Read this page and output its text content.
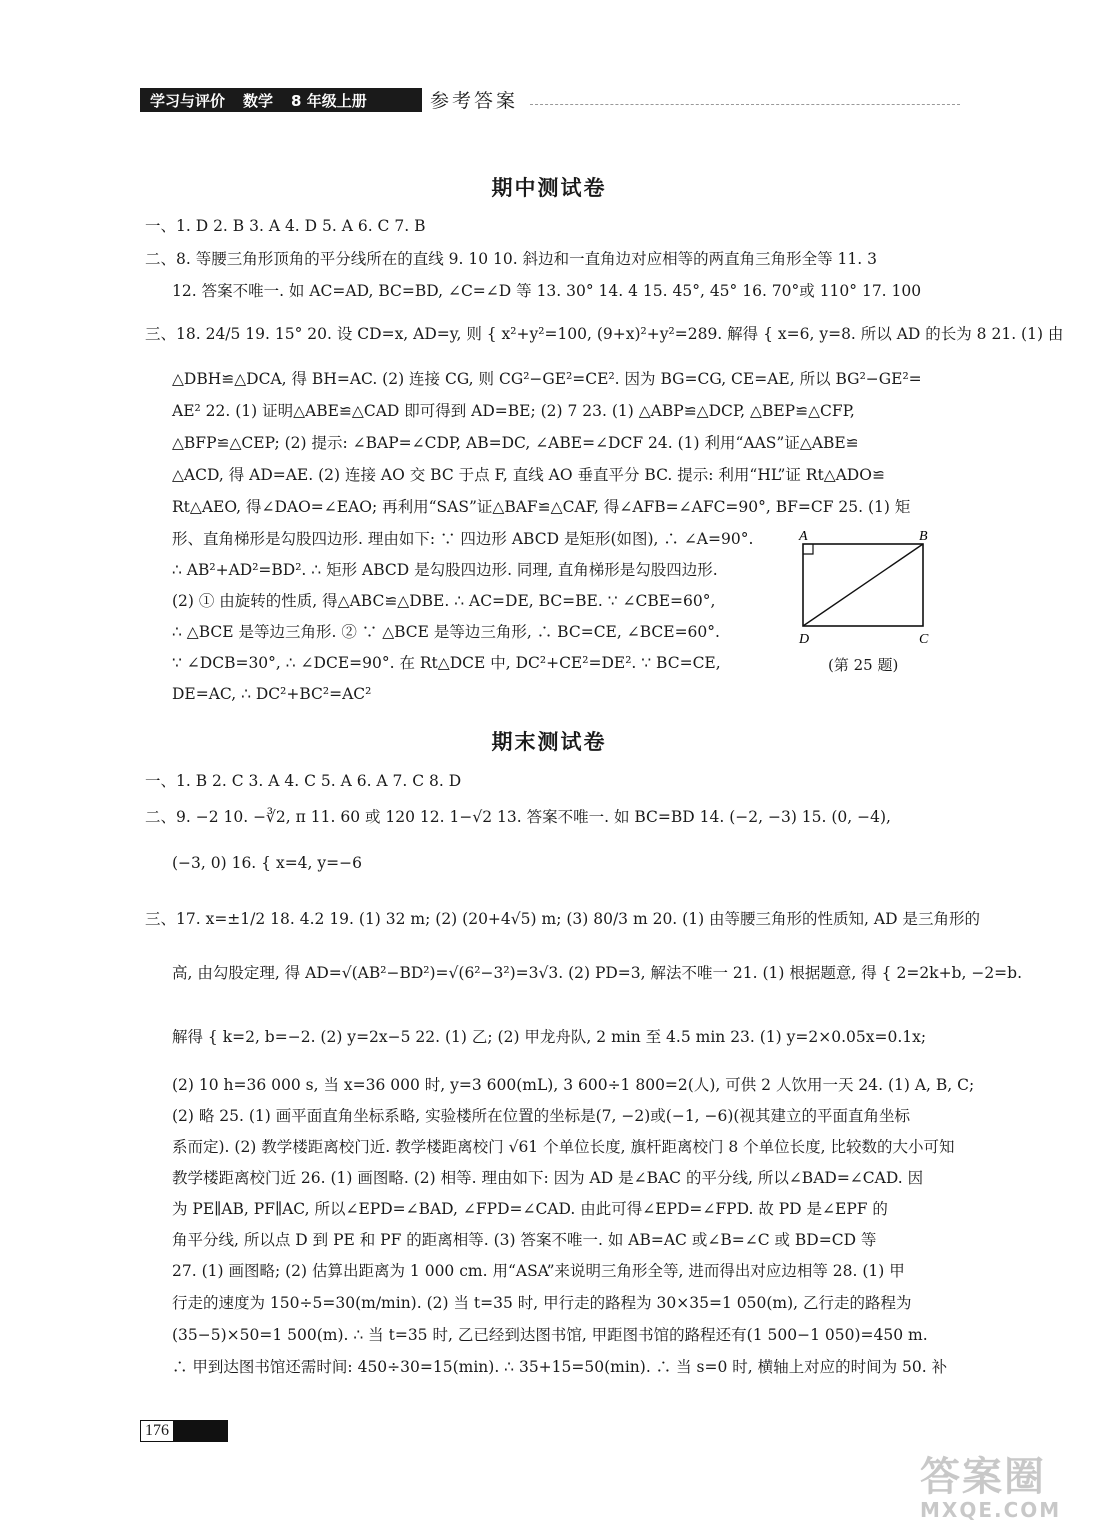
学习与评价 数学 8 年级上册	参考答案
期中测试卷
一、1. D 2. B 3. A 4. D 5. A 6. C 7. B
二、8. 等腰三角形顶角的平分线所在的直线 9. 10 10. 斜边和一直角边对应相等的两直角三角形全等 11. 3
12. 答案不唯一. 如 AC=AD, BC=BD, ∠C=∠D 等 13. 30° 14. 4 15. 45°, 45° 16. 70°或 110° 17. 100
三、18. 24/5 19. 15° 20. 设 CD=x, AD=y, 则 { x²+y²=100, (9+x)²+y²=289. 解得 { x=6, y=8. 所以 AD 的长为 8 21. (1) 由
△DBH≌△DCA, 得 BH=AC. (2) 连接 CG, 则 CG²−GE²=CE². 因为 BG=CG, CE=AE, 所以 BG²−GE²=
AE² 22. (1) 证明△ABE≌△CAD 即可得到 AD=BE; (2) 7 23. (1) △ABP≌△DCP, △BEP≌△CFP,
△BFP≌△CEP; (2) 提示: ∠BAP=∠CDP, AB=DC, ∠ABE=∠DCF 24. (1) 利用“AAS”证△ABE≌
△ACD, 得 AD=AE. (2) 连接 AO 交 BC 于点 F, 直线 AO 垂直平分 BC. 提示: 利用“HL”证 Rt△ADO≌
Rt△AEO, 得∠DAO=∠EAO; 再利用“SAS”证△BAF≌△CAF, 得∠AFB=∠AFC=90°, BF=CF 25. (1) 矩
形、直角梯形是勾股四边形. 理由如下: ∵ 四边形 ABCD 是矩形(如图), ∴ ∠A=90°.
∴ AB²+AD²=BD². ∴ 矩形 ABCD 是勾股四边形. 同理, 直角梯形是勾股四边形.
(2) ① 由旋转的性质, 得△ABC≌△DBE. ∴ AC=DE, BC=BE. ∵ ∠CBE=60°,
∴ △BCE 是等边三角形. ② ∵ △BCE 是等边三角形, ∴ BC=CE, ∠BCE=60°.
∵ ∠DCB=30°, ∴ ∠DCE=90°. 在 Rt△DCE 中, DC²+CE²=DE². ∵ BC=CE,
DE=AC, ∴ DC²+BC²=AC²
A	B
C
D
(第 25 题)
期末测试卷
一、1. B 2. C 3. A 4. C 5. A 6. A 7. C 8. D
二、9. −2 10. −∛2, π 11. 60 或 120 12. 1−√2 13. 答案不唯一. 如 BC=BD 14. (−2, −3) 15. (0, −4),
(−3, 0) 16. { x=4, y=−6
三、17. x=±1/2 18. 4.2 19. (1) 32 m; (2) (20+4√5) m; (3) 80/3 m 20. (1) 由等腰三角形的性质知, AD 是三角形的
高, 由勾股定理, 得 AD=√(AB²−BD²)=√(6²−3²)=3√3. (2) PD=3, 解法不唯一 21. (1) 根据题意, 得 { 2=2k+b, −2=b.
解得 { k=2, b=−2. (2) y=2x−5 22. (1) 乙; (2) 甲龙舟队, 2 min 至 4.5 min 23. (1) y=2×0.05x=0.1x;
(2) 10 h=36 000 s, 当 x=36 000 时, y=3 600(mL), 3 600÷1 800=2(人), 可供 2 人饮用一天 24. (1) A, B, C;
(2) 略 25. (1) 画平面直角坐标系略, 实验楼所在位置的坐标是(7, −2)或(−1, −6)(视其建立的平面直角坐标
系而定). (2) 教学楼距离校门近. 教学楼距离校门 √61 个单位长度, 旗杆距离校门 8 个单位长度, 比较数的大小可知
教学楼距离校门近 26. (1) 画图略. (2) 相等. 理由如下: 因为 AD 是∠BAC 的平分线, 所以∠BAD=∠CAD. 因
为 PE∥AB, PF∥AC, 所以∠EPD=∠BAD, ∠FPD=∠CAD. 由此可得∠EPD=∠FPD. 故 PD 是∠EPF 的
角平分线, 所以点 D 到 PE 和 PF 的距离相等. (3) 答案不唯一. 如 AB=AC 或∠B=∠C 或 BD=CD 等
27. (1) 画图略; (2) 估算出距离为 1 000 cm. 用“ASA”来说明三角形全等, 进而得出对应边相等 28. (1) 甲
行走的速度为 150÷5=30(m/min). (2) 当 t=35 时, 甲行走的路程为 30×35=1 050(m), 乙行走的路程为
(35−5)×50=1 500(m). ∴ 当 t=35 时, 乙已经到达图书馆, 甲距图书馆的路程还有(1 500−1 050)=450 m.
∴ 甲到达图书馆还需时间: 450÷30=15(min). ∴ 35+15=50(min). ∴ 当 s=0 时, 横轴上对应的时间为 50. 补
176
答案圈
MXQE.COM
